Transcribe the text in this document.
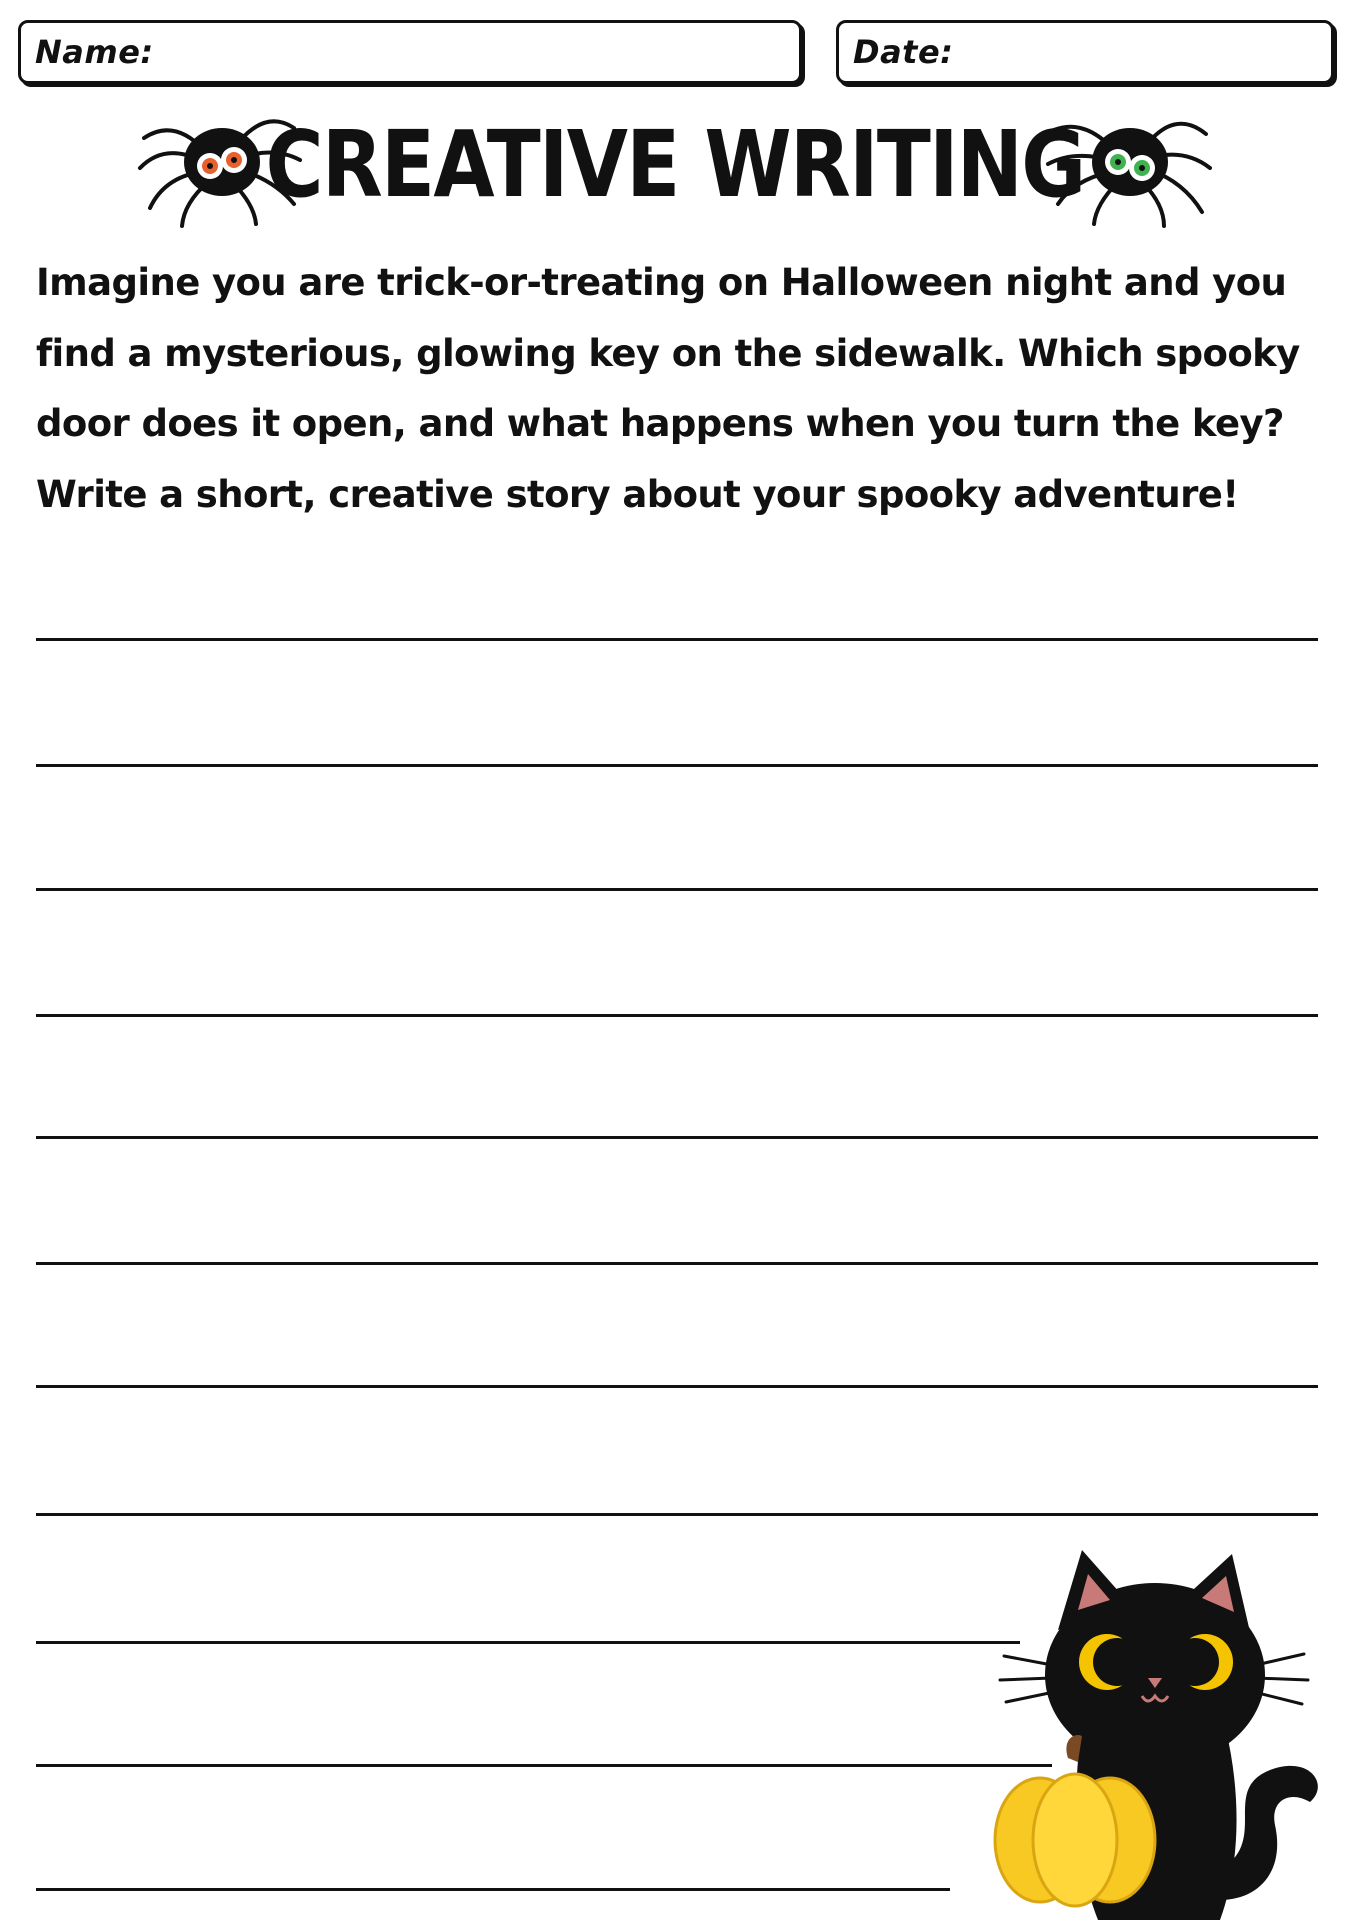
Name:	Date:
CREATIVE WRITING
Imagine you are trick-or-treating on Halloween night and you find a mysterious, glowing key on the sidewalk. Which spooky door does it open, and what happens when you turn the key? Write a short, creative story about your spooky adventure!
